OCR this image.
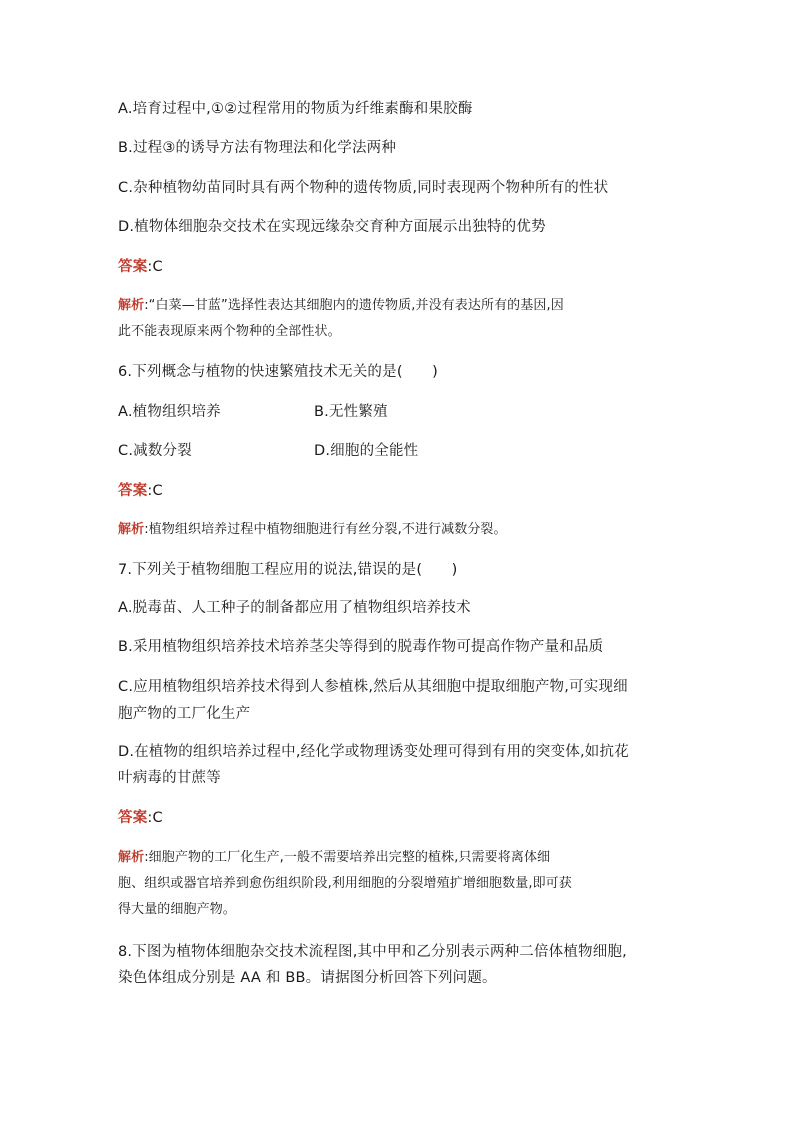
A.培育过程中,①②过程常用的物质为纤维素酶和果胶酶
B.过程③的诱导方法有物理法和化学法两种
C.杂种植物幼苗同时具有两个物种的遗传物质,同时表现两个物种所有的性状
D.植物体细胞杂交技术在实现远缘杂交育种方面展示出独特的优势
答案:C
解析:“白菜—甘蓝”选择性表达其细胞内的遗传物质,并没有表达所有的基因,因
此不能表现原来两个物种的全部性状。
6.下列概念与植物的快速繁殖技术无关的是(　　)
A.植物组织培养	B.无性繁殖
C.减数分裂	D.细胞的全能性
答案:C
解析:植物组织培养过程中植物细胞进行有丝分裂,不进行减数分裂。
7.下列关于植物细胞工程应用的说法,错误的是(　　)
A.脱毒苗、人工种子的制备都应用了植物组织培养技术
B.采用植物组织培养技术培养茎尖等得到的脱毒作物可提高作物产量和品质
C.应用植物组织培养技术得到人参植株,然后从其细胞中提取细胞产物,可实现细
胞产物的工厂化生产
D.在植物的组织培养过程中,经化学或物理诱变处理可得到有用的突变体,如抗花
叶病毒的甘蔗等
答案:C
解析:细胞产物的工厂化生产,一般不需要培养出完整的植株,只需要将离体细
胞、组织或器官培养到愈伤组织阶段,利用细胞的分裂增殖扩增细胞数量,即可获
得大量的细胞产物。
8.下图为植物体细胞杂交技术流程图,其中甲和乙分别表示两种二倍体植物细胞,
染色体组成分别是 AA 和 BB。请据图分析回答下列问题。
